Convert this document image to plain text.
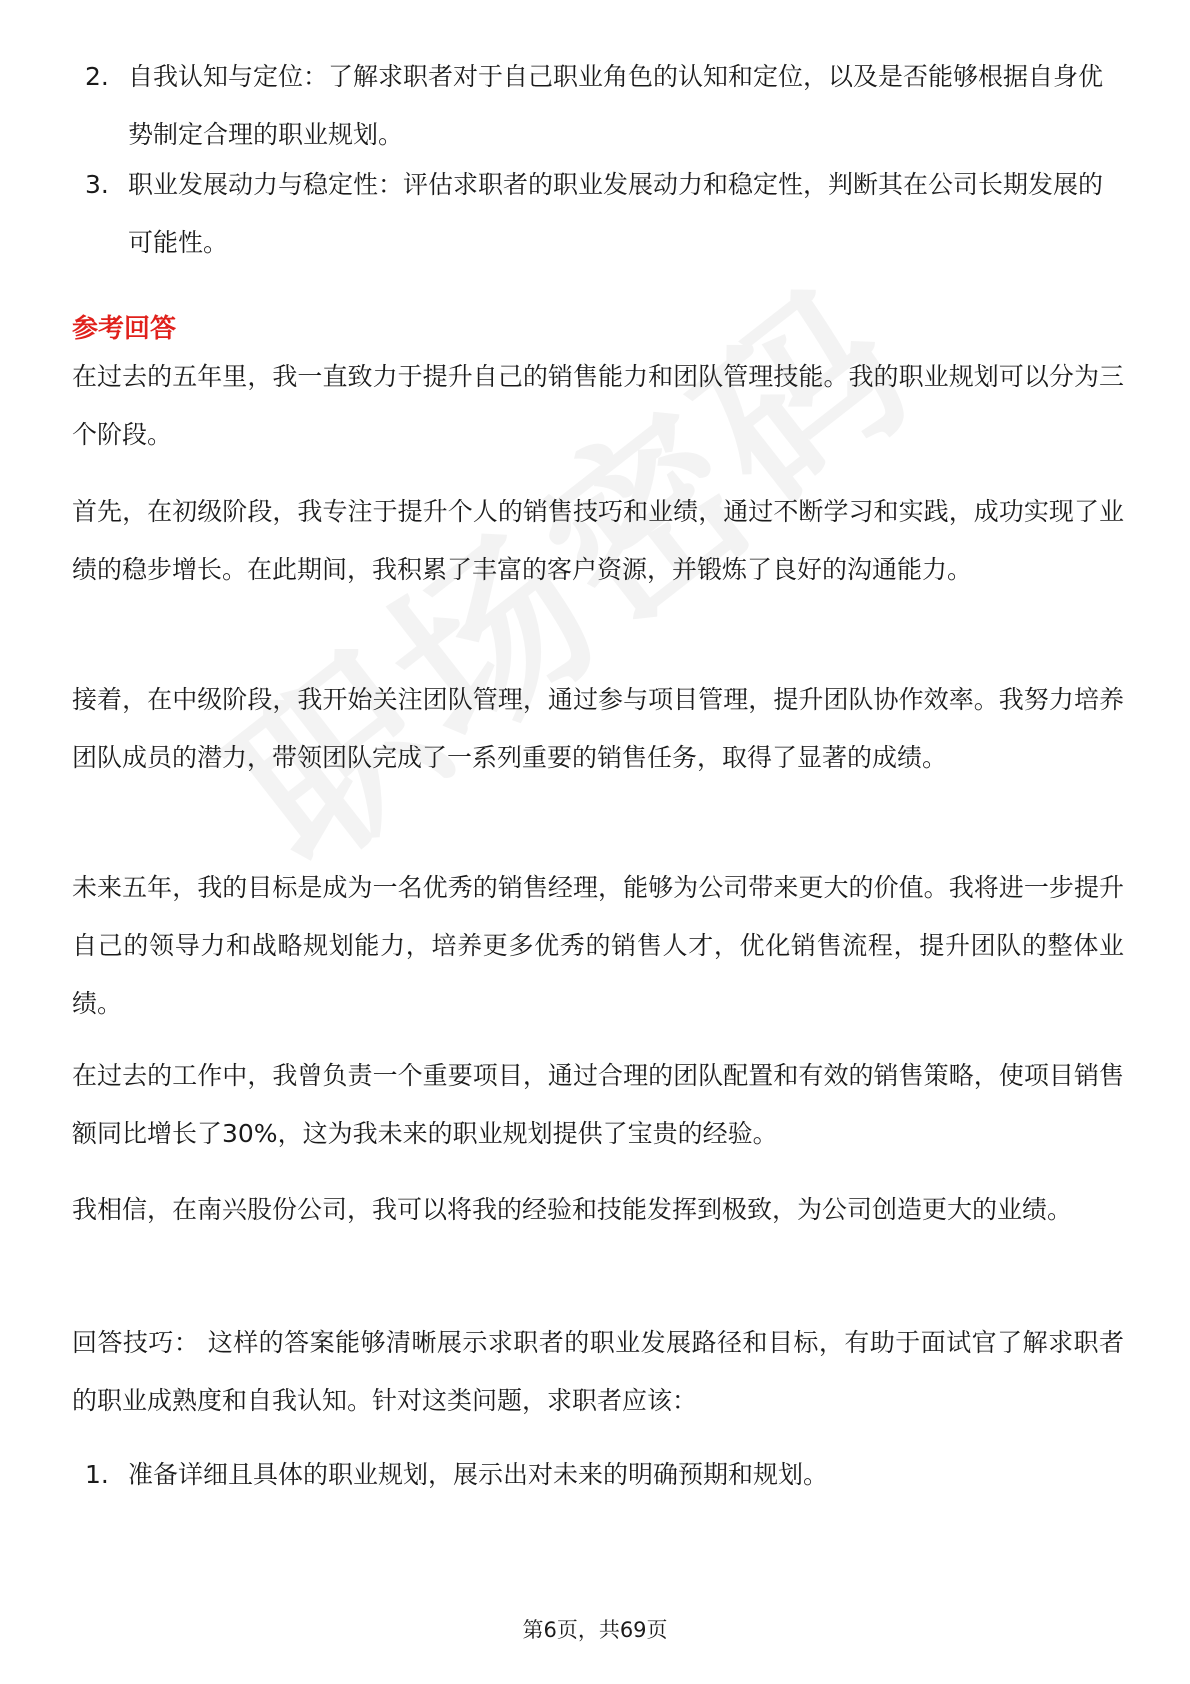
2. 自我认知与定位：了解求职者对于自己职业角色的认知和定位，以及是否能够根据自身优势制定合理的职业规划。
3. 职业发展动力与稳定性：评估求职者的职业发展动力和稳定性，判断其在公司长期发展的可能性。
参考回答
在过去的五年里，我一直致力于提升自己的销售能力和团队管理技能。我的职业规划可以分为三个阶段。
首先，在初级阶段，我专注于提升个人的销售技巧和业绩，通过不断学习和实践，成功实现了业绩的稳步增长。在此期间，我积累了丰富的客户资源，并锻炼了良好的沟通能力。
接着，在中级阶段，我开始关注团队管理，通过参与项目管理，提升团队协作效率。我努力培养团队成员的潜力，带领团队完成了一系列重要的销售任务，取得了显著的成绩。
未来五年，我的目标是成为一名优秀的销售经理，能够为公司带来更大的价值。我将进一步提升自己的领导力和战略规划能力，培养更多优秀的销售人才，优化销售流程，提升团队的整体业绩。
在过去的工作中，我曾负责一个重要项目，通过合理的团队配置和有效的销售策略，使项目销售额同比增长了30%，这为我未来的职业规划提供了宝贵的经验。
我相信，在南兴股份公司，我可以将我的经验和技能发挥到极致，为公司创造更大的业绩。
回答技巧： 这样的答案能够清晰展示求职者的职业发展路径和目标，有助于面试官了解求职者的职业成熟度和自我认知。针对这类问题，求职者应该：
1. 准备详细且具体的职业规划，展示出对未来的明确预期和规划。
第6页，共69页
